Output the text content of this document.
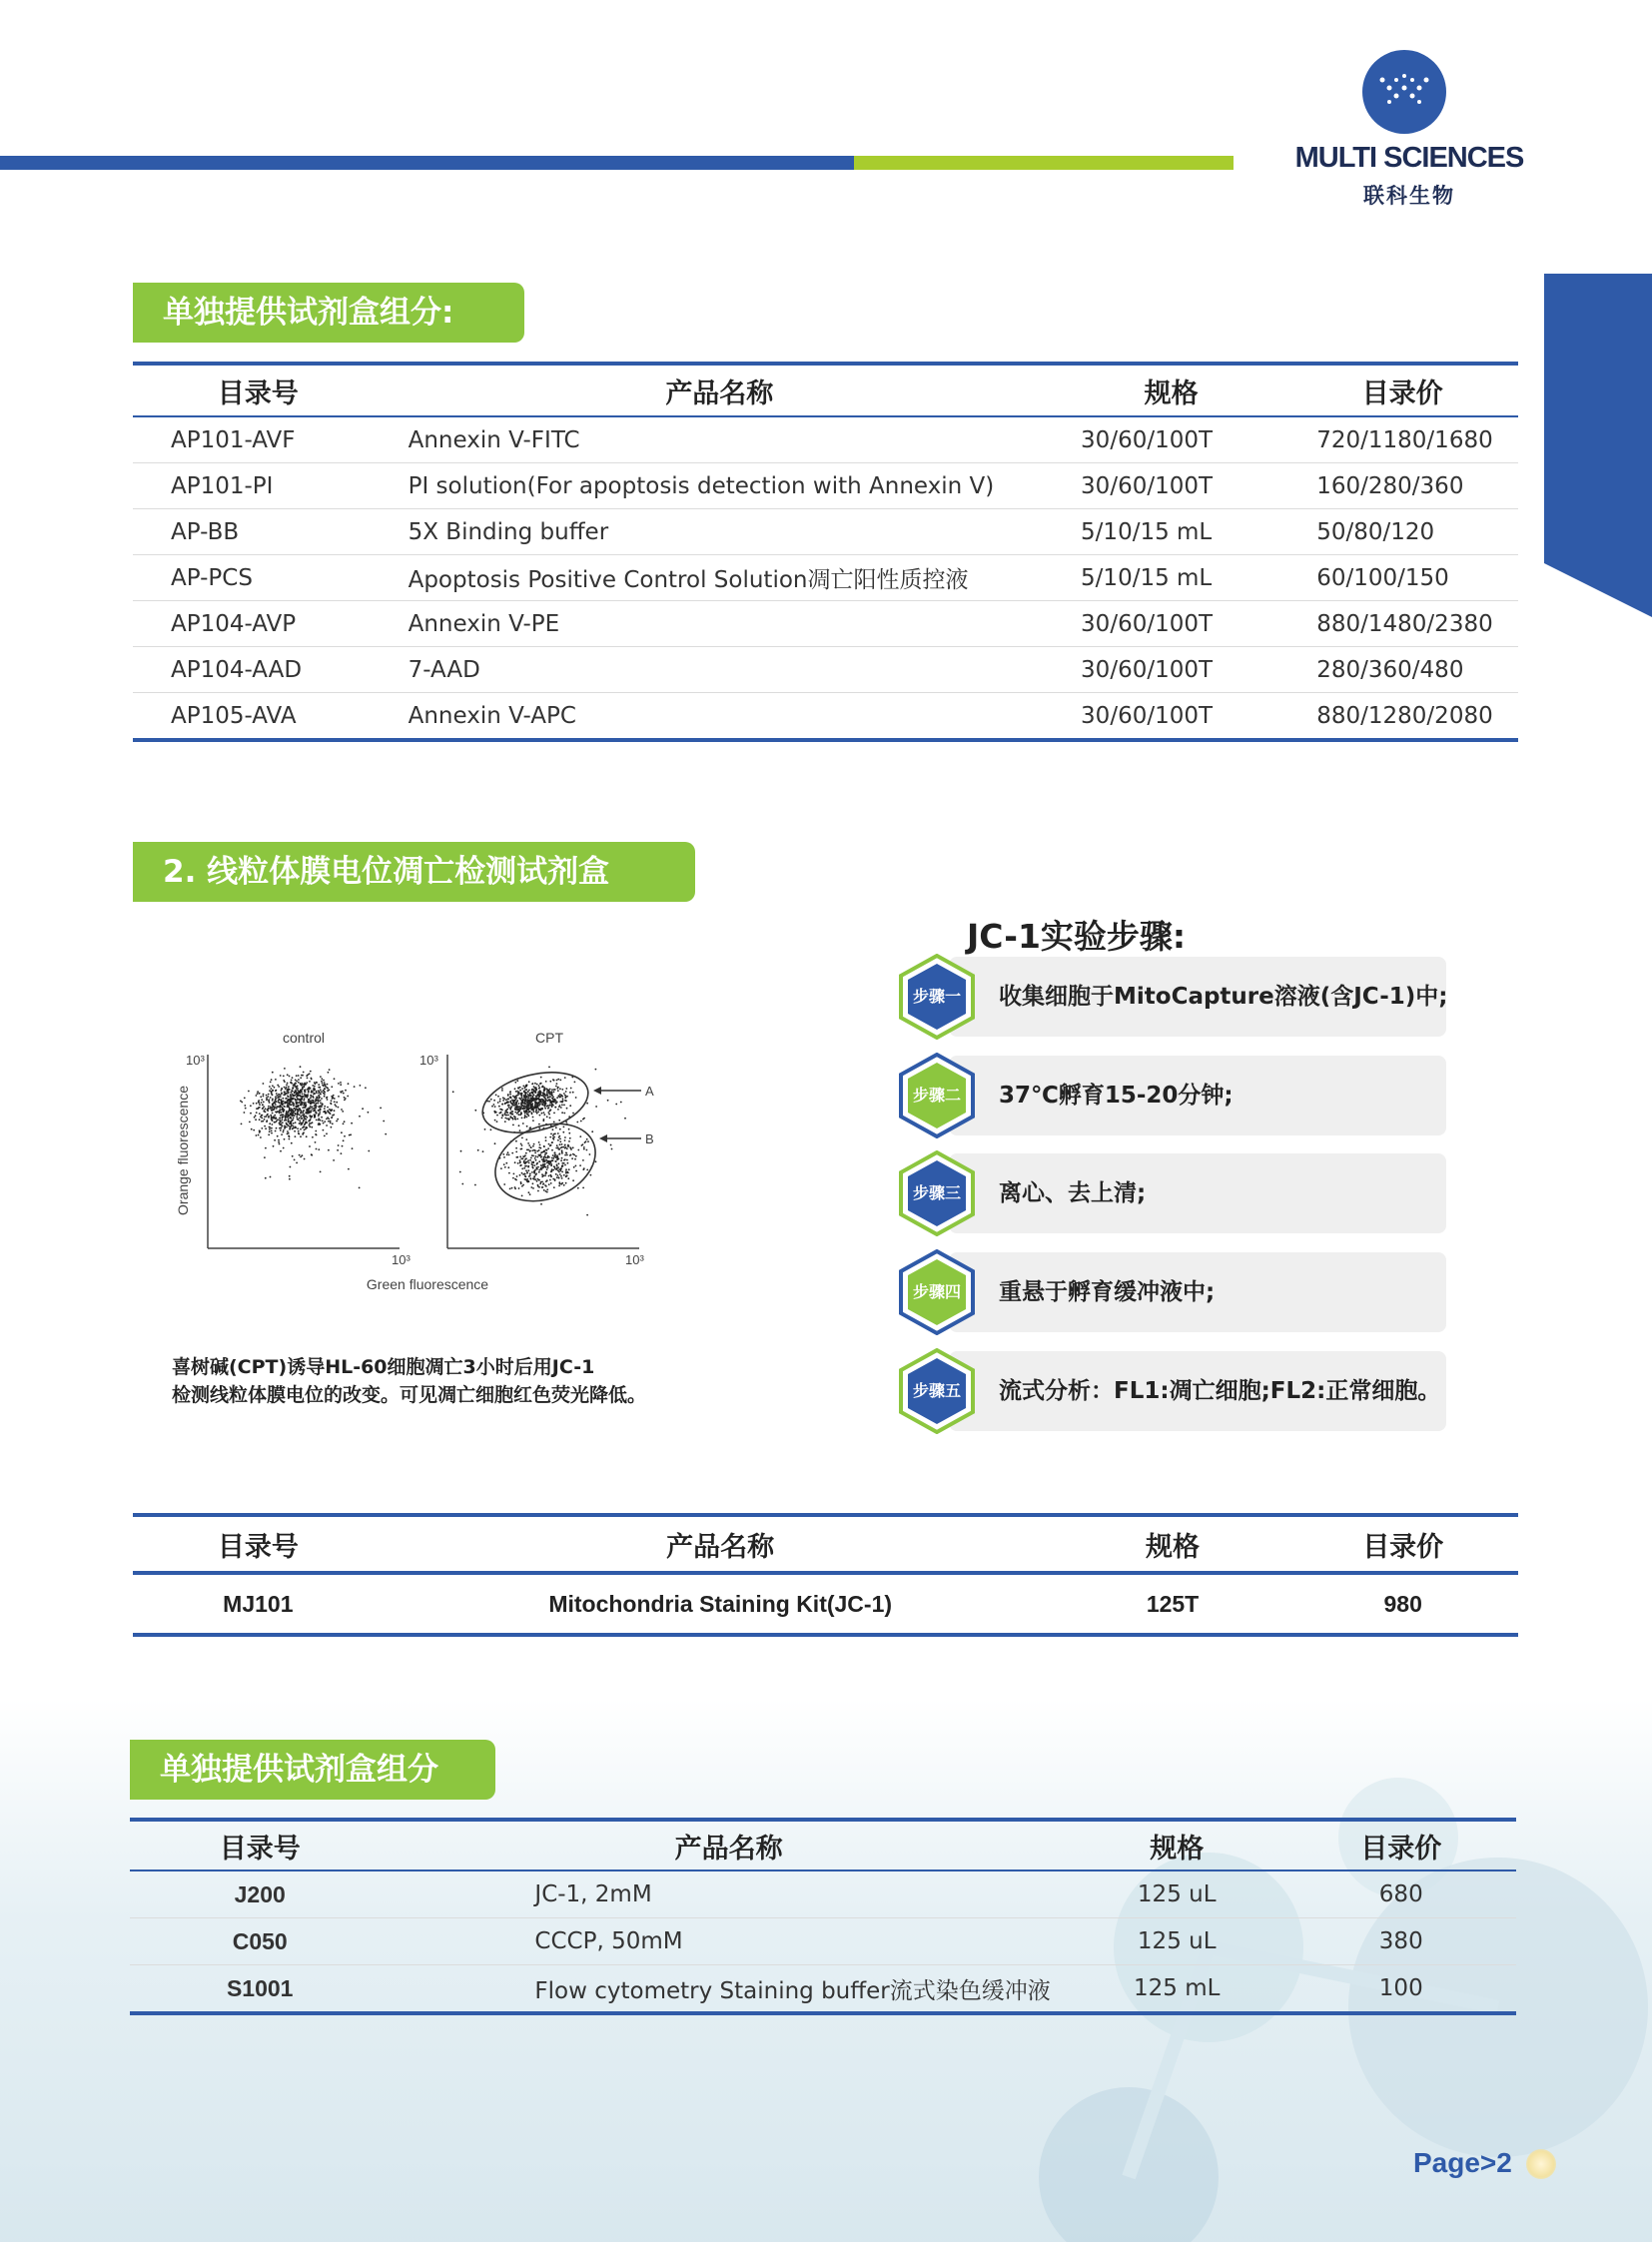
MULTI SCIENCES
联科生物
单独提供试剂盒组分:
目录号	产品名称	规格	目录价
AP101-AVF	Annexin V-FITC	30/60/100T	720/1180/1680
AP101-PI	PI solution(For apoptosis detection with Annexin V)	30/60/100T	160/280/360
AP-BB	5X Binding buffer	5/10/15 mL	50/80/120
AP-PCS	Apoptosis Positive Control Solution凋亡阳性质控液	5/10/15 mL	60/100/150
AP104-AVP	Annexin V-PE	30/60/100T	880/1480/2380
AP104-AAD	7-AAD	30/60/100T	280/360/480
AP105-AVA	Annexin V-APC	30/60/100T	880/1280/2080
2. 线粒体膜电位凋亡检测试剂盒
control	CPT
10³	10³
A
B
10³	10³
Green fluorescence
Orange fluorescence
喜树碱(CPT)诱导HL-60细胞凋亡3小时后用JC-1
检测线粒体膜电位的改变。可见凋亡细胞红色荧光降低。
JC-1实验步骤:
步骤一	收集细胞于MitoCapture溶液(含JC-1)中;
步骤二	37℃孵育15-20分钟;
步骤三	离心、去上清;
步骤四	重悬于孵育缓冲液中;
步骤五	流式分析：FL1:凋亡细胞;FL2:正常细胞。
目录号	产品名称	规格	目录价
MJ101	Mitochondria Staining Kit(JC-1)	125T	980
单独提供试剂盒组分
目录号	产品名称	规格	目录价
J200	JC-1, 2mM	125 uL	680
C050	CCCP, 50mM	125 uL	380
S1001	Flow cytometry Staining buffer流式染色缓冲液	125 mL	100
Page>2
